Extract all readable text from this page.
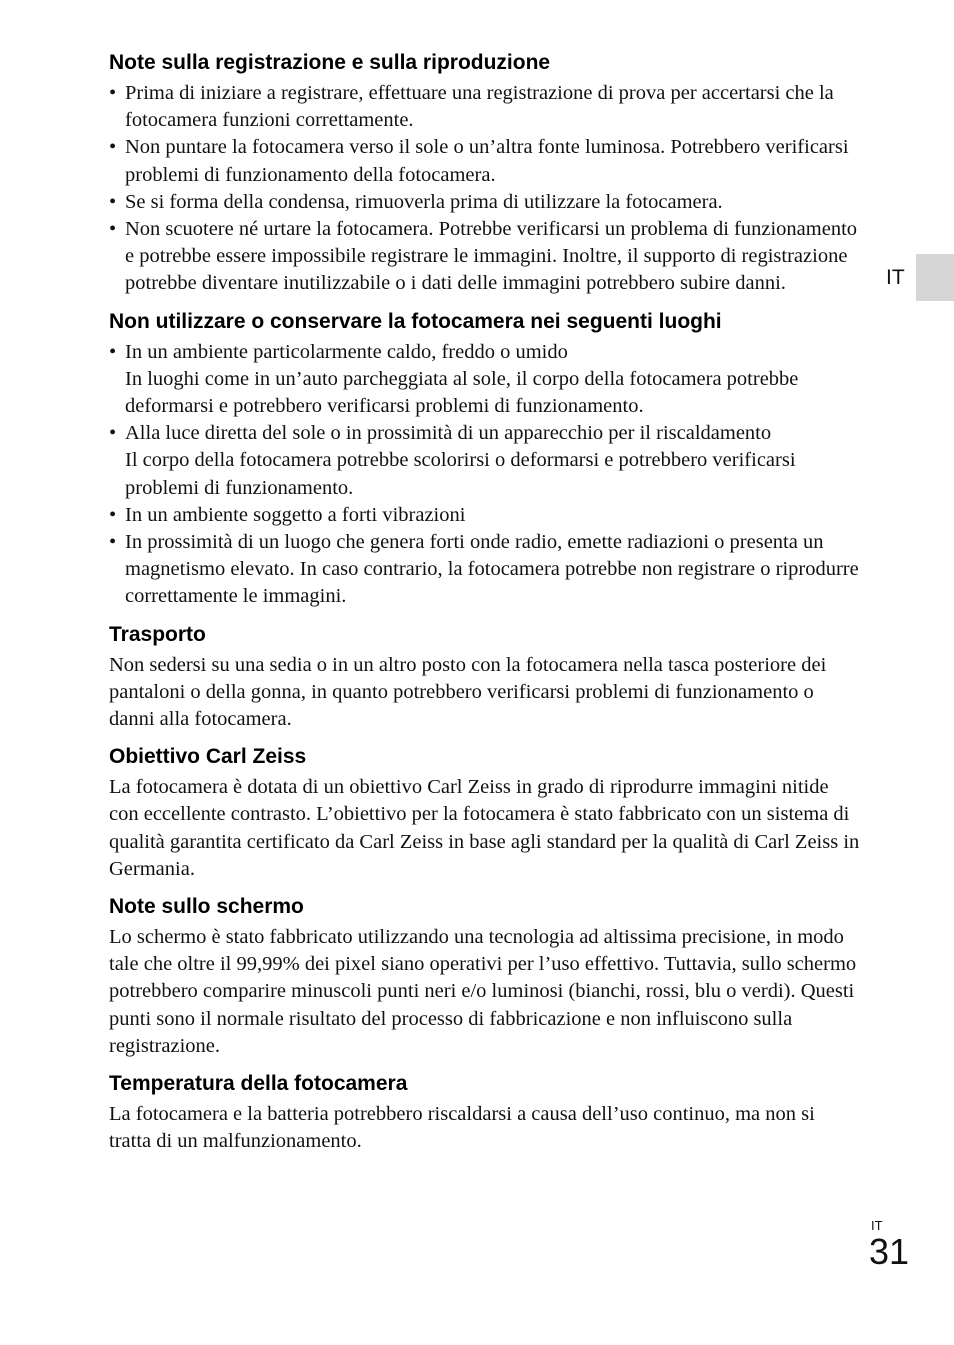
IT
Note sulla registrazione e sulla riproduzione
• Prima di iniziare a registrare, effettuare una registrazione di prova per accertarsi che la fotocamera funzioni correttamente.
• Non puntare la fotocamera verso il sole o un’altra fonte luminosa. Potrebbero verificarsi problemi di funzionamento della fotocamera.
• Se si forma della condensa, rimuoverla prima di utilizzare la fotocamera.
• Non scuotere né urtare la fotocamera. Potrebbe verificarsi un problema di funzionamento e potrebbe essere impossibile registrare le immagini. Inoltre, il supporto di registrazione potrebbe diventare inutilizzabile o i dati delle immagini potrebbero subire danni.
Non utilizzare o conservare la fotocamera nei seguenti luoghi
• In un ambiente particolarmente caldo, freddo o umido
In luoghi come in un’auto parcheggiata al sole, il corpo della fotocamera potrebbe deformarsi e potrebbero verificarsi problemi di funzionamento.
• Alla luce diretta del sole o in prossimità di un apparecchio per il riscaldamento
Il corpo della fotocamera potrebbe scolorirsi o deformarsi e potrebbero verificarsi problemi di funzionamento.
• In un ambiente soggetto a forti vibrazioni
• In prossimità di un luogo che genera forti onde radio, emette radiazioni o presenta un magnetismo elevato. In caso contrario, la fotocamera potrebbe non registrare o riprodurre correttamente le immagini.
Trasporto

Non sedersi su una sedia o in un altro posto con la fotocamera nella tasca posteriore dei pantaloni o della gonna, in quanto potrebbero verificarsi problemi di funzionamento o danni alla fotocamera.

Obiettivo Carl Zeiss

La fotocamera è dotata di un obiettivo Carl Zeiss in grado di riprodurre immagini nitide con eccellente contrasto. L’obiettivo per la fotocamera è stato fabbricato con un sistema di qualità garantita certificato da Carl Zeiss in base agli standard per la qualità di Carl Zeiss in Germania.

Note sullo schermo

Lo schermo è stato fabbricato utilizzando una tecnologia ad altissima precisione, in modo tale che oltre il 99,99% dei pixel siano operativi per l’uso effettivo. Tuttavia, sullo schermo potrebbero comparire minuscoli punti neri e/o luminosi (bianchi, rossi, blu o verdi). Questi punti sono il normale risultato del processo di fabbricazione e non influiscono sulla registrazione.

Temperatura della fotocamera

La fotocamera e la batteria potrebbero riscaldarsi a causa dell’uso continuo, ma non si tratta di un malfunzionamento.

IT
31
